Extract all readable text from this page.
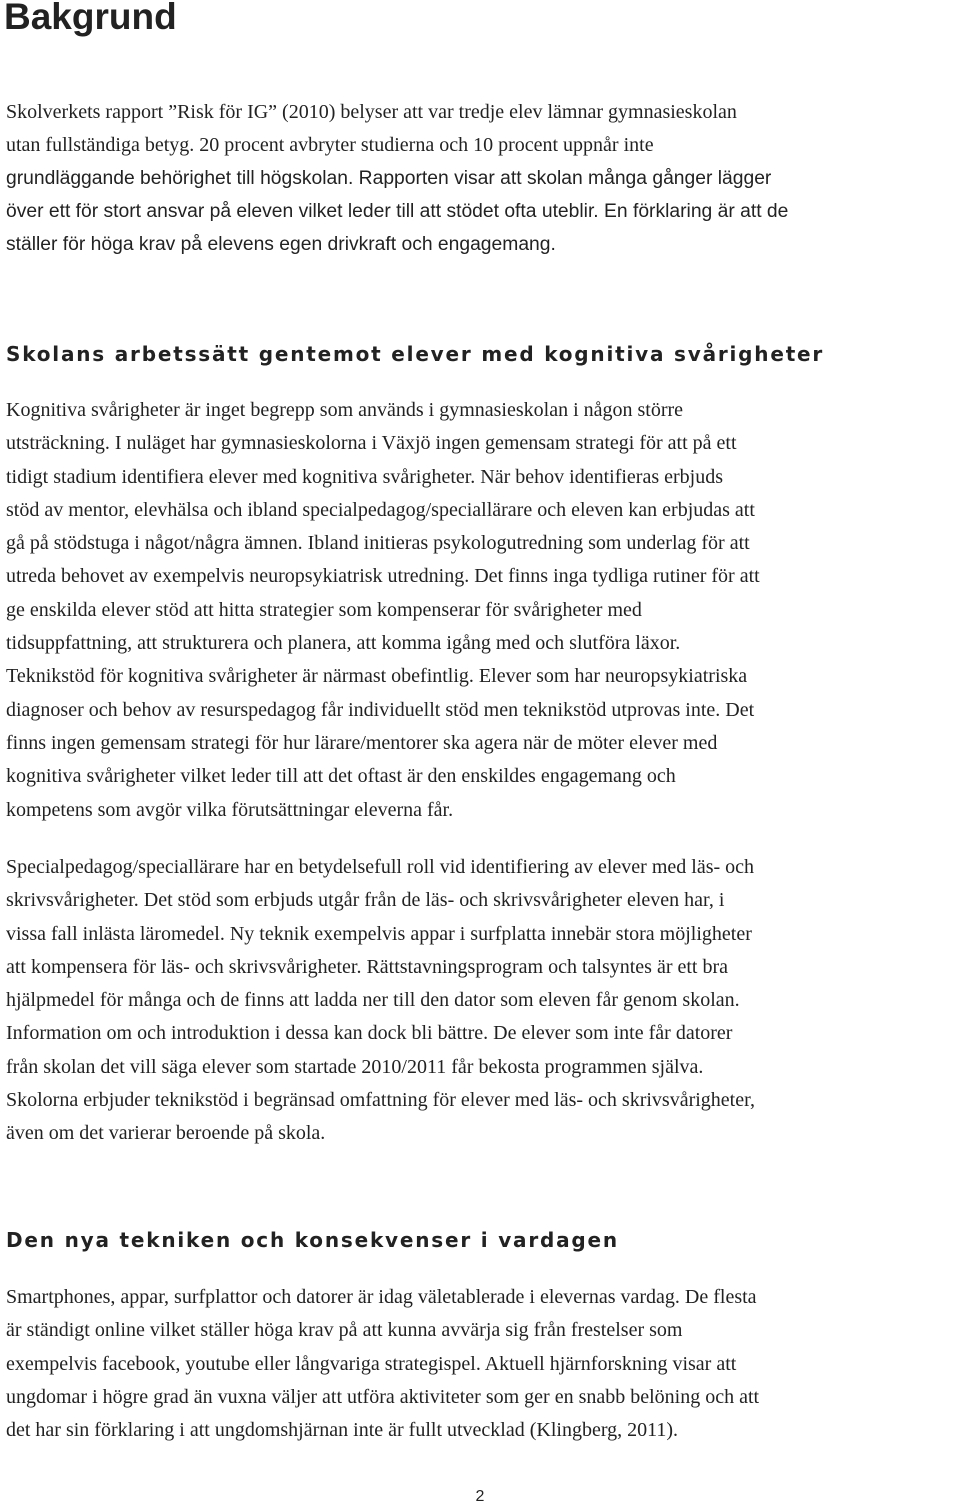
Bakgrund
Skolverkets rapport ”Risk för IG” (2010) belyser att var tredje elev lämnar gymnasieskolan
utan fullständiga betyg. 20 procent avbryter studierna och 10 procent uppnår inte
grundläggande behörighet till högskolan. Rapporten visar att skolan många gånger lägger
över ett för stort ansvar på eleven vilket leder till att stödet ofta uteblir. En förklaring är att de
ställer för höga krav på elevens egen drivkraft och engagemang.
Skolans arbetssätt gentemot elever med kognitiva svårigheter
Kognitiva svårigheter är inget begrepp som används i gymnasieskolan i någon större
utsträckning. I nuläget har gymnasieskolorna i Växjö ingen gemensam strategi för att på ett
tidigt stadium identifiera elever med kognitiva svårigheter. När behov identifieras erbjuds
stöd av mentor, elevhälsa och ibland specialpedagog/speciallärare och eleven kan erbjudas att
gå på stödstuga i något/några ämnen. Ibland initieras psykologutredning som underlag för att
utreda behovet av exempelvis neuropsykiatrisk utredning. Det finns inga tydliga rutiner för att
ge enskilda elever stöd att hitta strategier som kompenserar för svårigheter med
tidsuppfattning, att strukturera och planera, att komma igång med och slutföra läxor.
Teknikstöd för kognitiva svårigheter är närmast obefintlig. Elever som har neuropsykiatriska
diagnoser och behov av resurspedagog får individuellt stöd men teknikstöd utprovas inte. Det
finns ingen gemensam strategi för hur lärare/mentorer ska agera när de möter elever med
kognitiva svårigheter vilket leder till att det oftast är den enskildes engagemang och
kompetens som avgör vilka förutsättningar eleverna får.
Specialpedagog/speciallärare har en betydelsefull roll vid identifiering av elever med läs- och
skrivsvårigheter. Det stöd som erbjuds utgår från de läs- och skrivsvårigheter eleven har, i
vissa fall inlästa läromedel. Ny teknik exempelvis appar i surfplatta innebär stora möjligheter
att kompensera för läs- och skrivsvårigheter. Rättstavningsprogram och talsyntes är ett bra
hjälpmedel för många och de finns att ladda ner till den dator som eleven får genom skolan.
Information om och introduktion i dessa kan dock bli bättre. De elever som inte får datorer
från skolan det vill säga elever som startade 2010/2011 får bekosta programmen själva.
Skolorna erbjuder teknikstöd i begränsad omfattning för elever med läs- och skrivsvårigheter,
även om det varierar beroende på skola.
Den nya tekniken och konsekvenser i vardagen
Smartphones, appar, surfplattor och datorer är idag väletablerade i elevernas vardag. De flesta
är ständigt online vilket ställer höga krav på att kunna avvärja sig från frestelser som
exempelvis facebook, youtube eller långvariga strategispel. Aktuell hjärnforskning visar att
ungdomar i högre grad än vuxna väljer att utföra aktiviteter som ger en snabb belöning och att
det har sin förklaring i att ungdomshjärnan inte är fullt utvecklad (Klingberg, 2011).
2
